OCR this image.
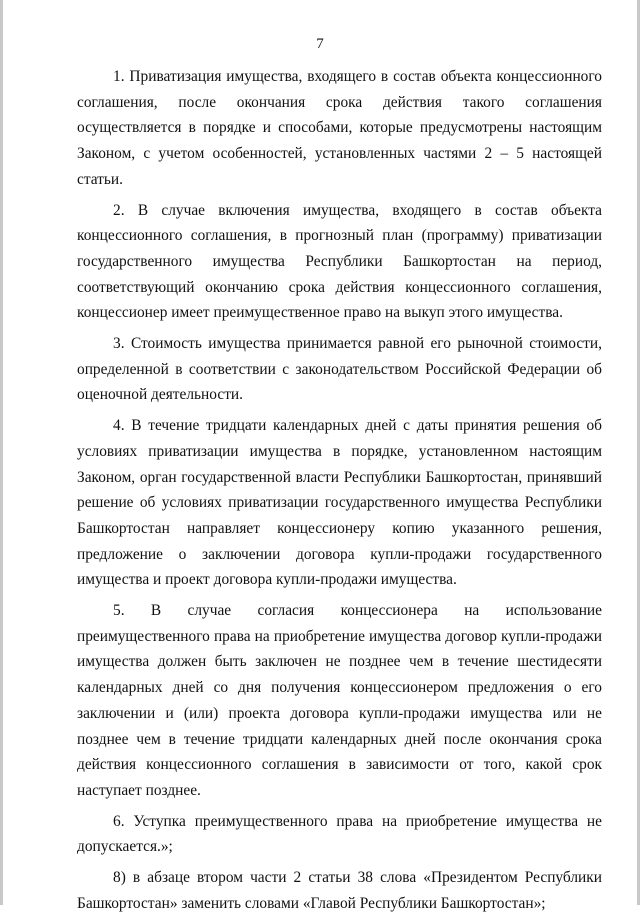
7

1. Приватизация имущества, входящего в состав объекта концессионного соглашения, после окончания срока действия такого соглашения осуществляется в порядке и способами, которые предусмотрены настоящим Законом, с учетом особенностей, установленных частями 2 – 5 настоящей статьи.

2. В случае включения имущества, входящего в состав объекта концессионного соглашения, в прогнозный план (программу) приватизации государственного имущества Республики Башкортостан на период, соответствующий окончанию срока действия концессионного соглашения, концессионер имеет преимущественное право на выкуп этого имущества.

3. Стоимость имущества принимается равной его рыночной стоимости, определенной в соответствии с законодательством Российской Федерации об оценочной деятельности.

4. В течение тридцати календарных дней с даты принятия решения об условиях приватизации имущества в порядке, установленном настоящим Законом, орган государственной власти Республики Башкортостан, принявший решение об условиях приватизации государственного имущества Республики Башкортостан направляет концессионеру копию указанного решения, предложение о заключении договора купли-продажи государственного имущества и проект договора купли-продажи имущества.

5. В случае согласия концессионера на использование преимущественного права на приобретение имущества договор купли-продажи имущества должен быть заключен не позднее чем в течение шестидесяти календарных дней со дня получения концессионером предложения о его заключении и (или) проекта договора купли-продажи имущества или не позднее чем в течение тридцати календарных дней после окончания срока действия концессионного соглашения в зависимости от того, какой срок наступает позднее.

6. Уступка преимущественного права на приобретение имущества не допускается.»;

8) в абзаце втором части 2 статьи 38 слова «Президентом Республики Башкортостан» заменить словами «Главой Республики Башкортостан»;
